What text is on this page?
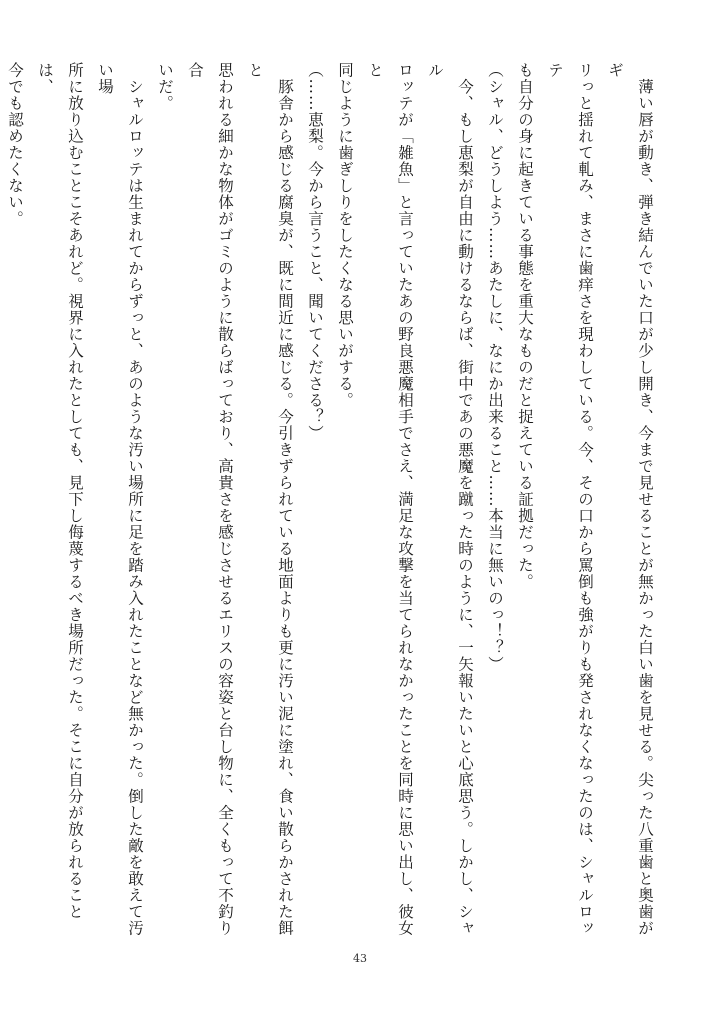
　薄い唇が動き、弾き結んでいた口が少し開き、今まで見せることが無かった白い歯を見せる。尖った八重歯と奥歯がギ
リっと揺れて軋み、まさに歯痒さを現わしている。今、その口から罵倒も強がりも発されなくなったのは、シャルロッテ
も自分の身に起きている事態を重大なものだと捉えている証拠だった。
（シャル、どうしよう……あたしに、なにか出来ること……本当に無いのっ！？）
　今、もし恵梨が自由に動けるならば、街中であの悪魔を蹴った時のように、一矢報いたいと心底思う。しかし、シャル
ロッテが「雑魚」と言っていたあの野良悪魔相手でさえ、満足な攻撃を当てられなかったことを同時に思い出し、彼女と
同じように歯ぎしりをしたくなる思いがする。
（……恵梨。今から言うこと、聞いてくださる？）
　豚舎から感じる腐臭が、既に間近に感じる。今引きずられている地面よりも更に汚い泥に塗れ、食い散らかされた餌と
思われる細かな物体がゴミのように散らばっており、高貴さを感じさせるエリスの容姿と台し物に、全くもって不釣り合
いだ。
　シャルロッテは生まれてからずっと、あのような汚い場所に足を踏み入れたことなど無かった。倒した敵を敢えて汚い場
所に放り込むことこそあれど。視界に入れたとしても、見下し侮蔑するべき場所だった。そこに自分が放られることは、
今でも認めたくない。
43
